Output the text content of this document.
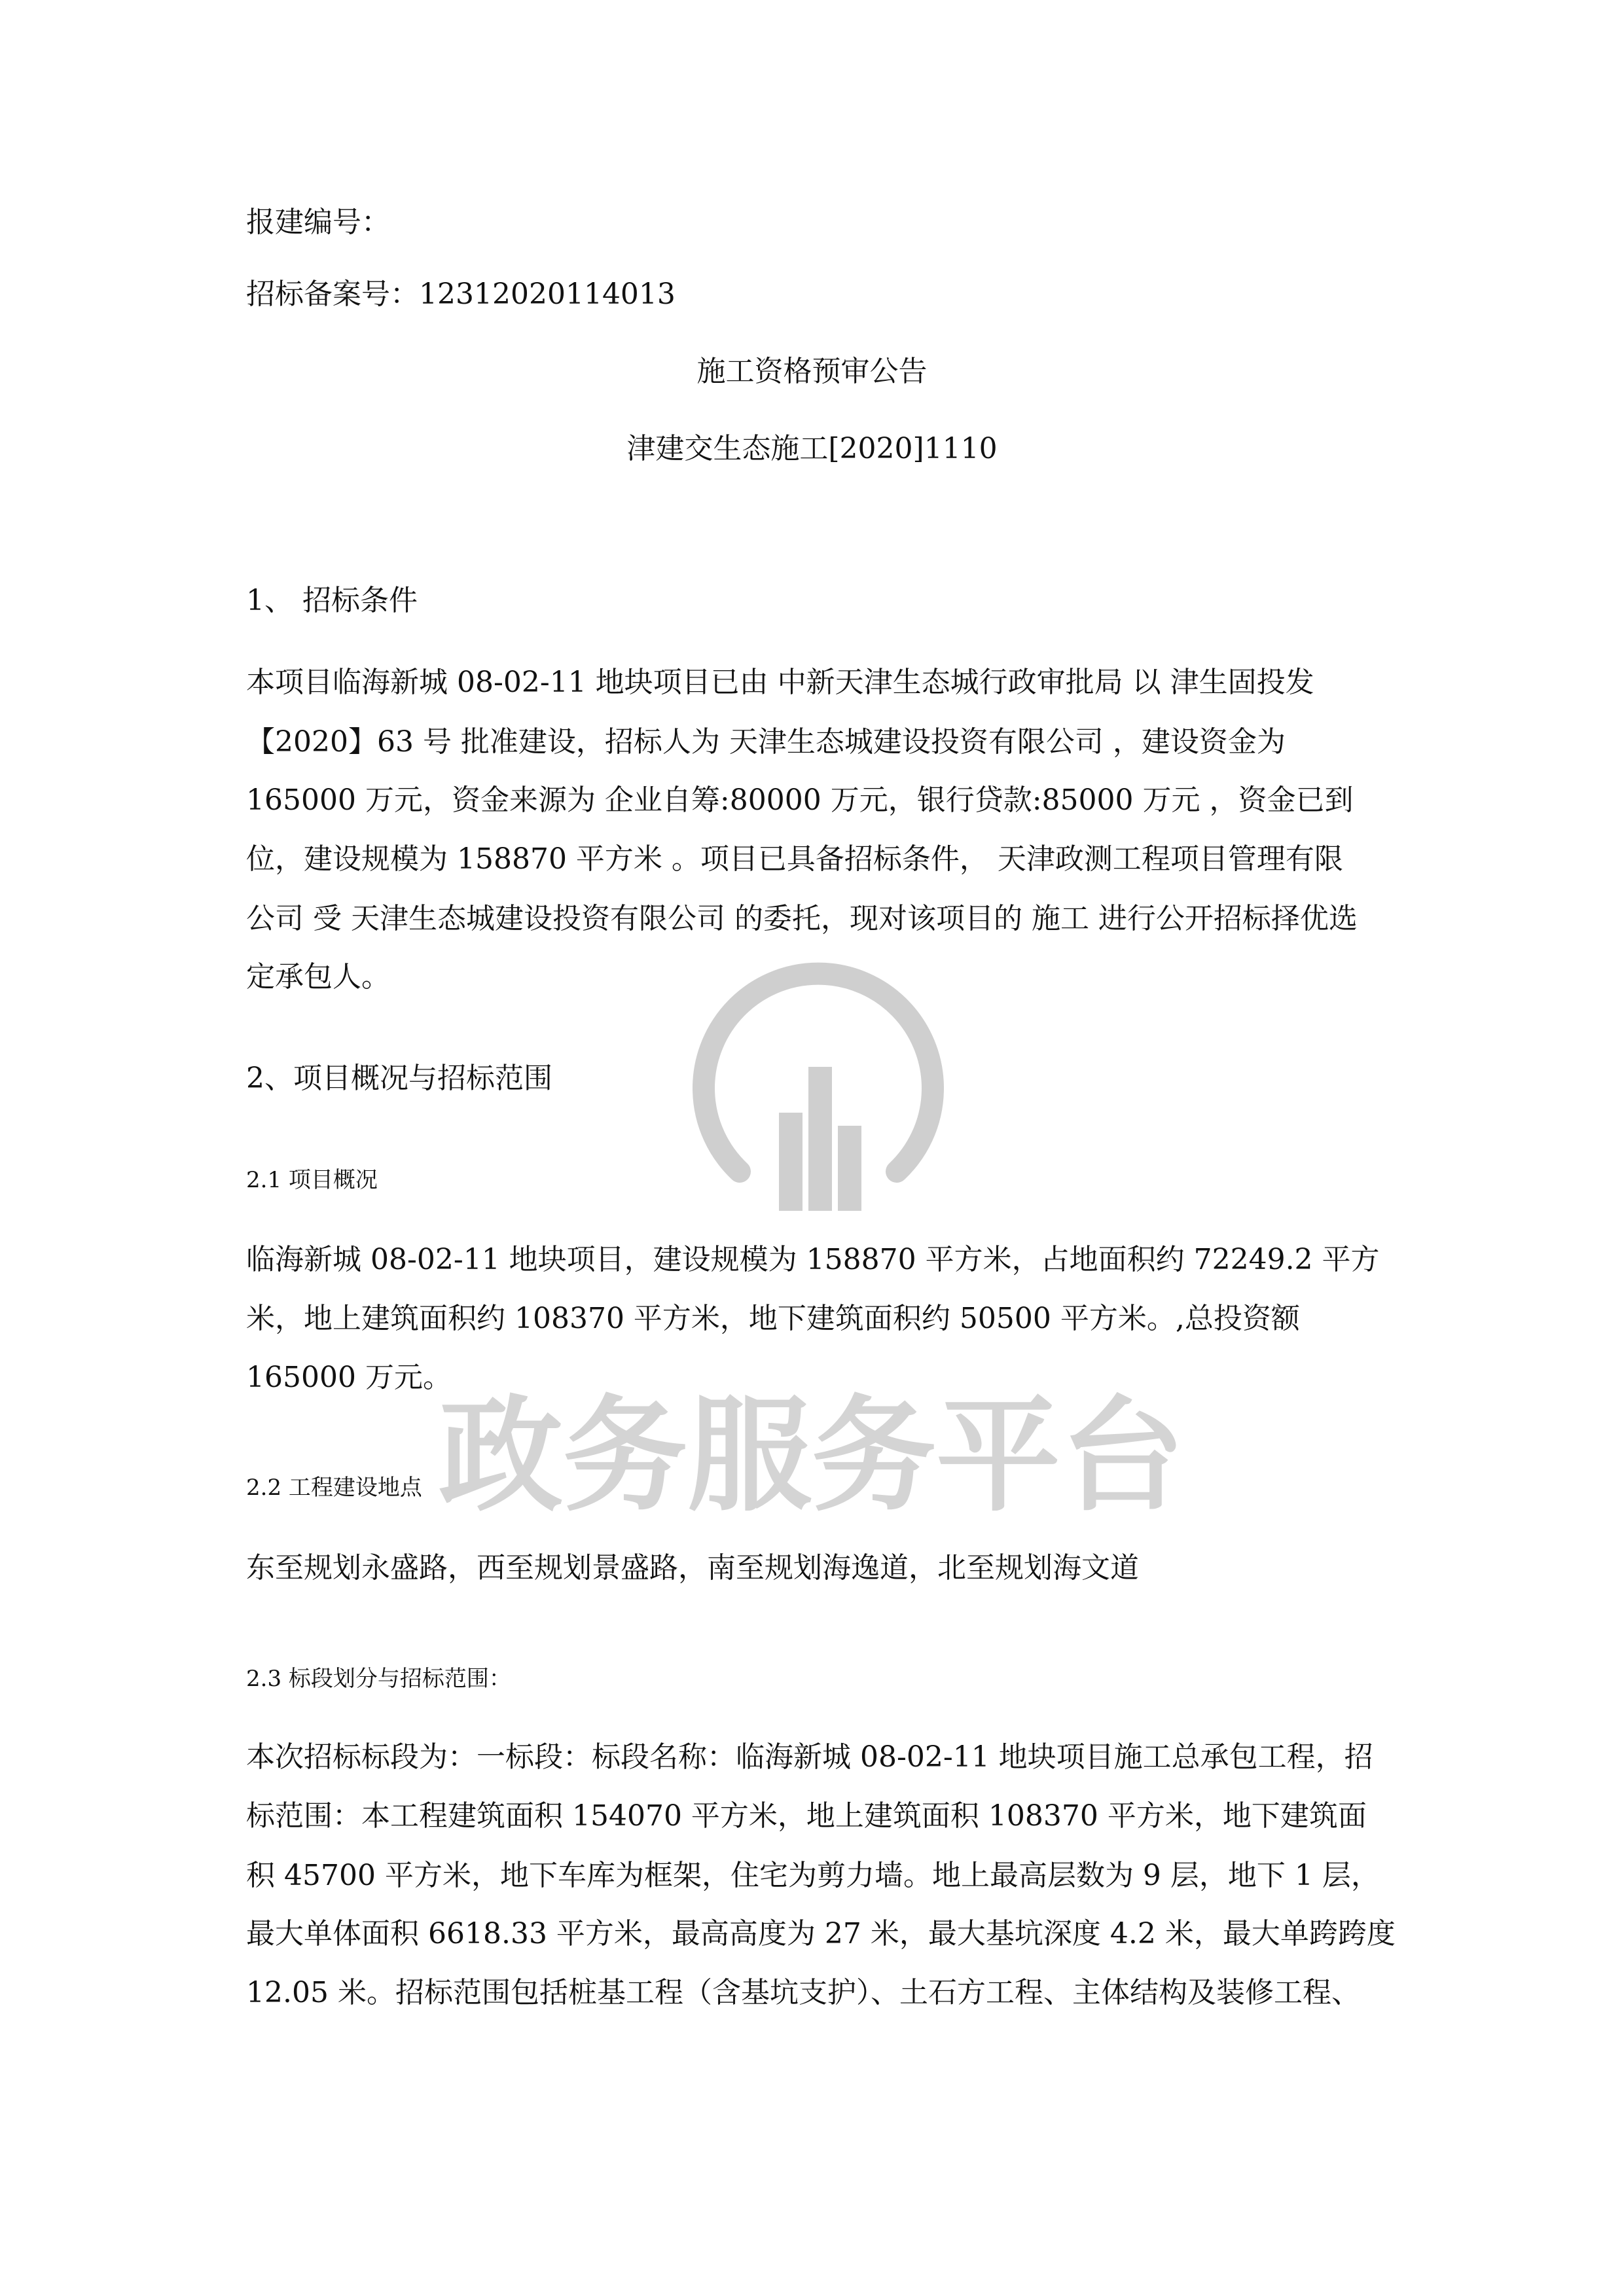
政务服务平台
报建编号：
招标备案号：12312020114013
施工资格预审公告
津建交生态施工[2020]1110
1、 招标条件
本项目临海新城 08-02-11 地块项目已由 中新天津生态城行政审批局 以 津生固投发
【2020】63 号 批准建设，招标人为 天津生态城建设投资有限公司 ，建设资金为
165000 万元，资金来源为 企业自筹:80000 万元，银行贷款:85000 万元 ，资金已到
位，建设规模为 158870 平方米 。项目已具备招标条件， 天津政测工程项目管理有限
公司 受 天津生态城建设投资有限公司 的委托，现对该项目的 施工 进行公开招标择优选
定承包人。
2、项目概况与招标范围
2.1 项目概况
临海新城 08-02-11 地块项目，建设规模为 158870 平方米，占地面积约 72249.2 平方
米，地上建筑面积约 108370 平方米，地下建筑面积约 50500 平方米。,总投资额
165000 万元。
2.2 工程建设地点
东至规划永盛路，西至规划景盛路，南至规划海逸道，北至规划海文道
2.3 标段划分与招标范围：
本次招标标段为：一标段：标段名称：临海新城 08-02-11 地块项目施工总承包工程，招
标范围：本工程建筑面积 154070 平方米，地上建筑面积 108370 平方米，地下建筑面
积 45700 平方米，地下车库为框架，住宅为剪力墙。地上最高层数为 9 层，地下 1 层，
最大单体面积 6618.33 平方米，最高高度为 27 米，最大基坑深度 4.2 米，最大单跨跨度
12.05 米。招标范围包括桩基工程（含基坑支护）、土石方工程、主体结构及装修工程、
